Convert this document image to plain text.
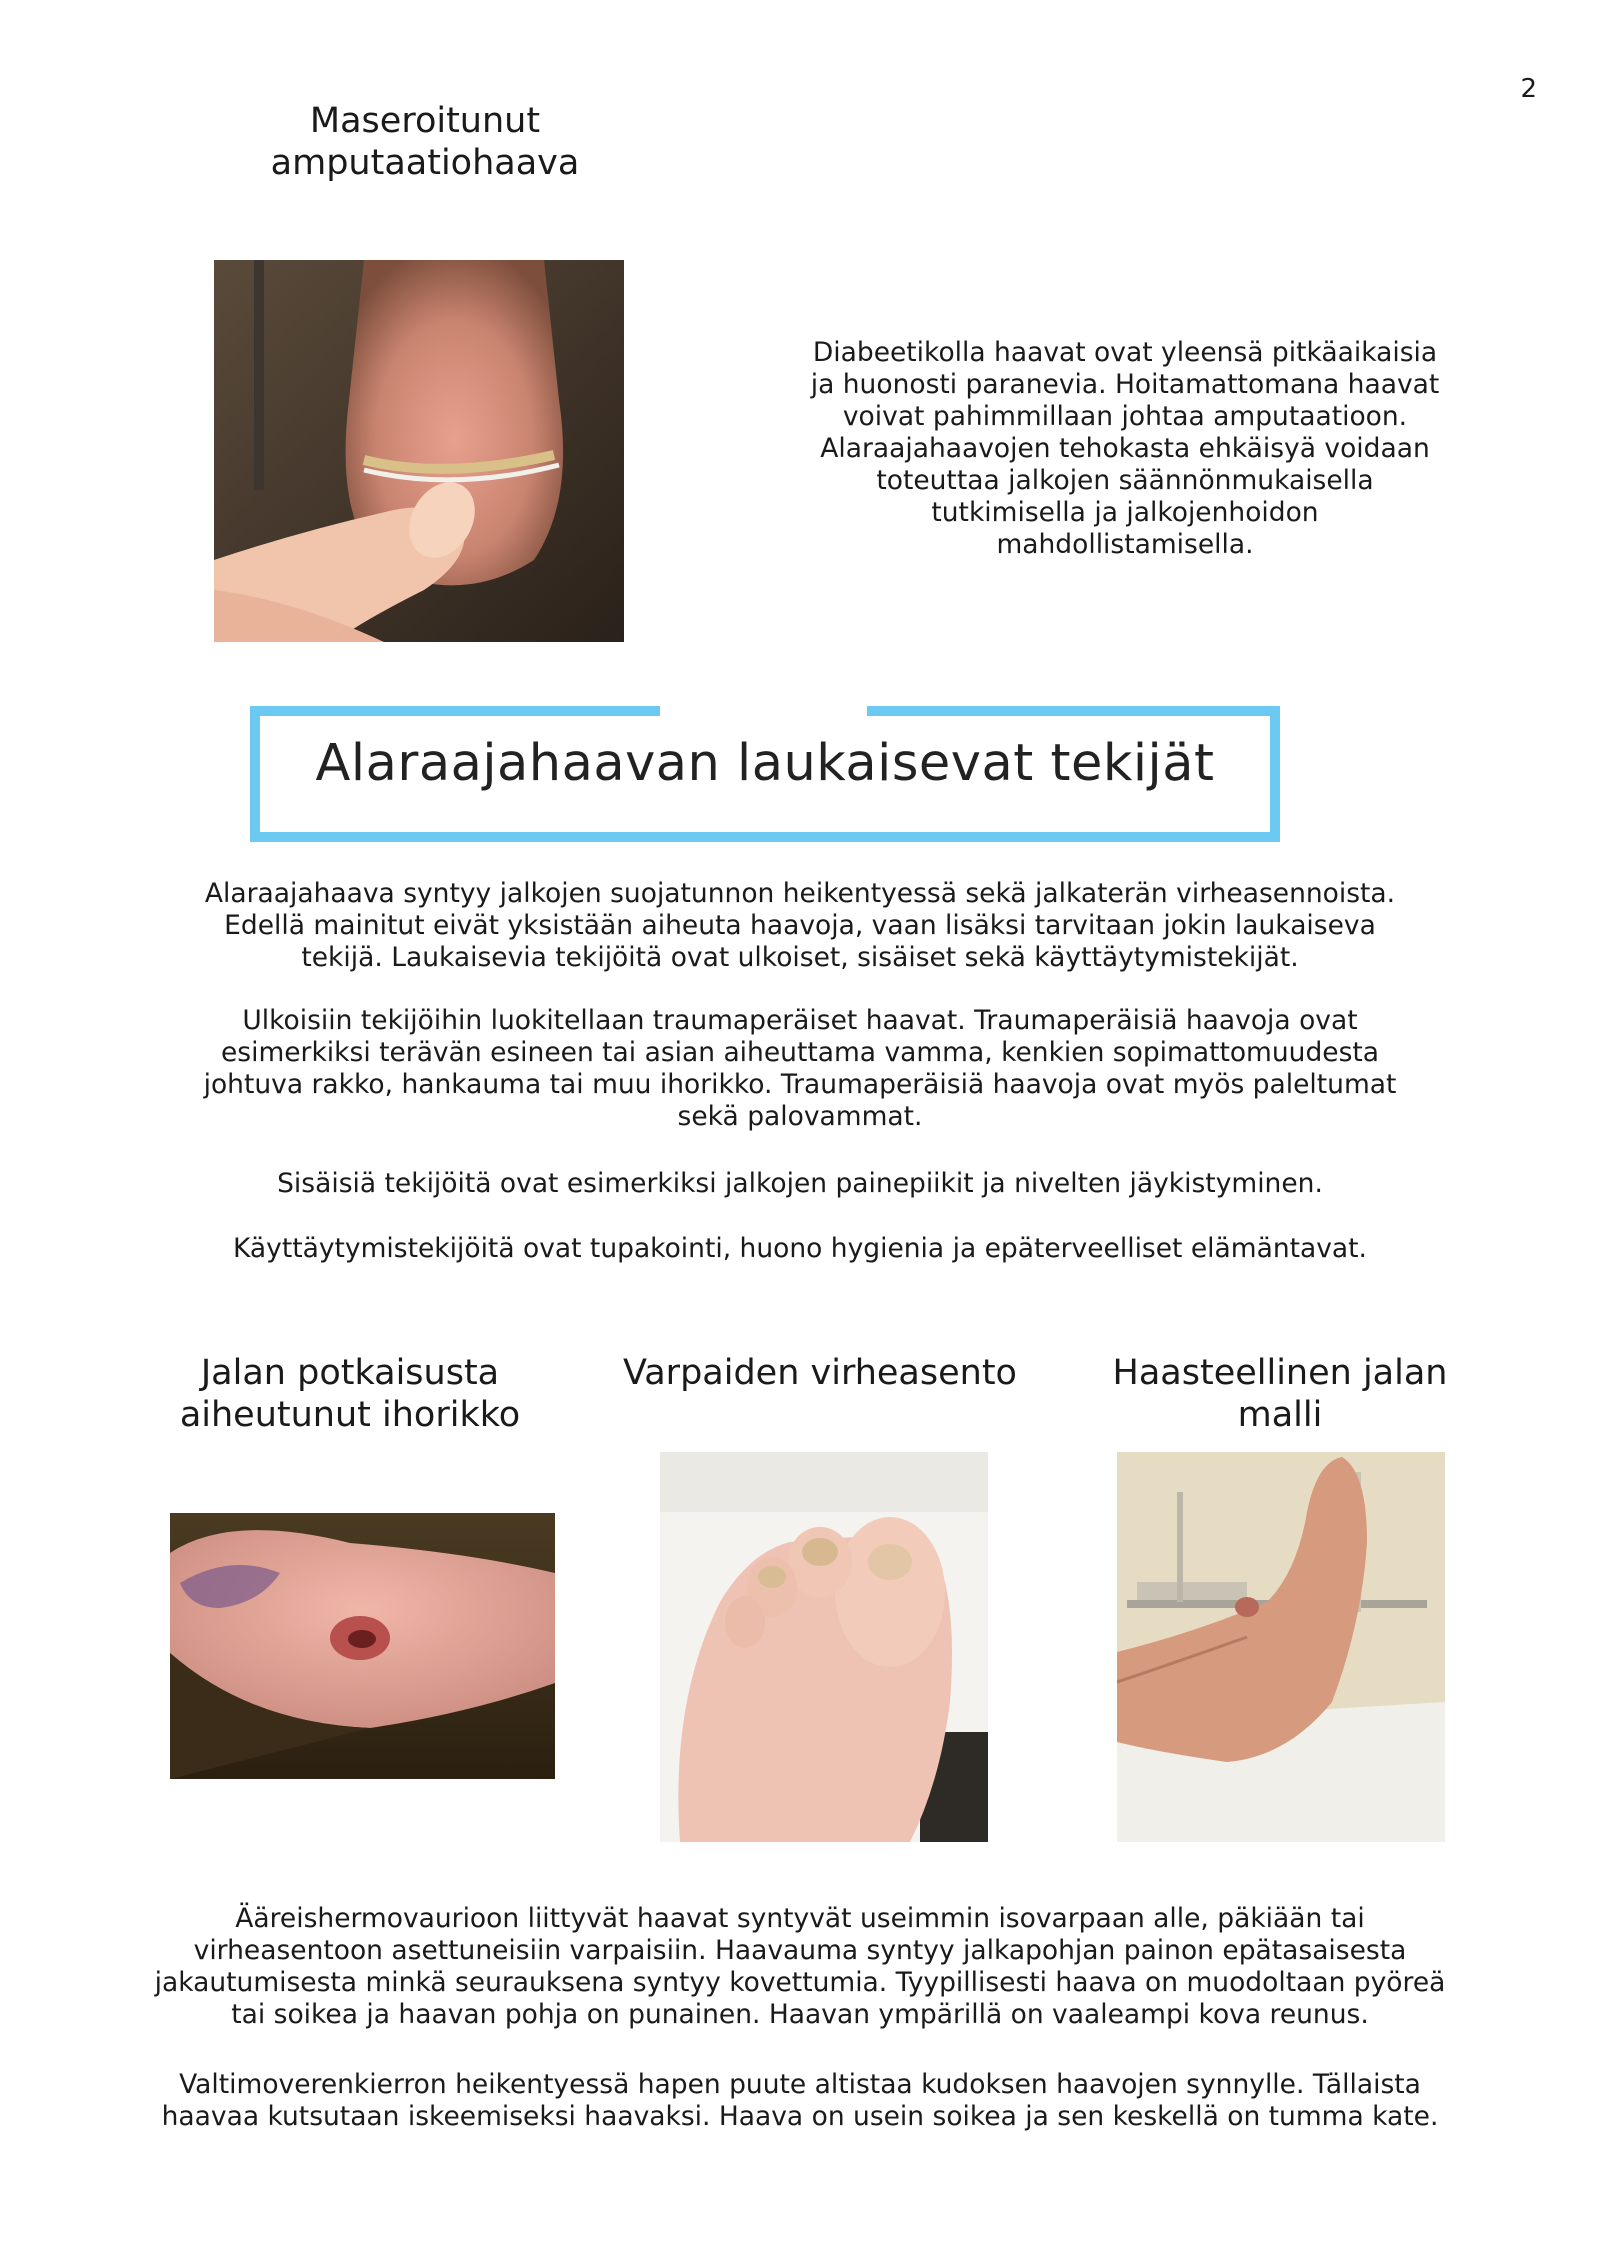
2
Maseroitunut
amputaatiohaava
Diabeetikolla haavat ovat yleensä pitkäaikaisia
ja huonosti paranevia. Hoitamattomana haavat
voivat pahimmillaan johtaa amputaatioon.
Alaraajahaavojen tehokasta ehkäisyä voidaan
toteuttaa jalkojen säännönmukaisella
tutkimisella ja jalkojenhoidon
mahdollistamisella.
Alaraajahaavan laukaisevat tekijät
Alaraajahaava syntyy jalkojen suojatunnon heikentyessä sekä jalkaterän virheasennoista.
Edellä mainitut eivät yksistään aiheuta haavoja, vaan lisäksi tarvitaan jokin laukaiseva
tekijä. Laukaisevia tekijöitä ovat ulkoiset, sisäiset sekä käyttäytymistekijät.
Ulkoisiin tekijöihin luokitellaan traumaperäiset haavat. Traumaperäisiä haavoja ovat
esimerkiksi terävän esineen tai asian aiheuttama vamma, kenkien sopimattomuudesta
johtuva rakko, hankauma tai muu ihorikko. Traumaperäisiä haavoja ovat myös paleltumat
sekä palovammat.
Sisäisiä tekijöitä ovat esimerkiksi jalkojen painepiikit ja nivelten jäykistyminen.
Käyttäytymistekijöitä ovat tupakointi, huono hygienia ja epäterveelliset elämäntavat.
Jalan potkaisusta
aiheutunut ihorikko
Varpaiden virheasento	Haasteellinen jalan
malli
Ääreishermovaurioon liittyvät haavat syntyvät useimmin isovarpaan alle, päkiään tai
virheasentoon asettuneisiin varpaisiin. Haavauma syntyy jalkapohjan painon epätasaisesta
jakautumisesta minkä seurauksena syntyy kovettumia. Tyypillisesti haava on muodoltaan pyöreä
tai soikea ja haavan pohja on punainen. Haavan ympärillä on vaaleampi kova reunus.
Valtimoverenkierron heikentyessä hapen puute altistaa kudoksen haavojen synnylle. Tällaista
haavaa kutsutaan iskeemiseksi haavaksi. Haava on usein soikea ja sen keskellä on tumma kate.
